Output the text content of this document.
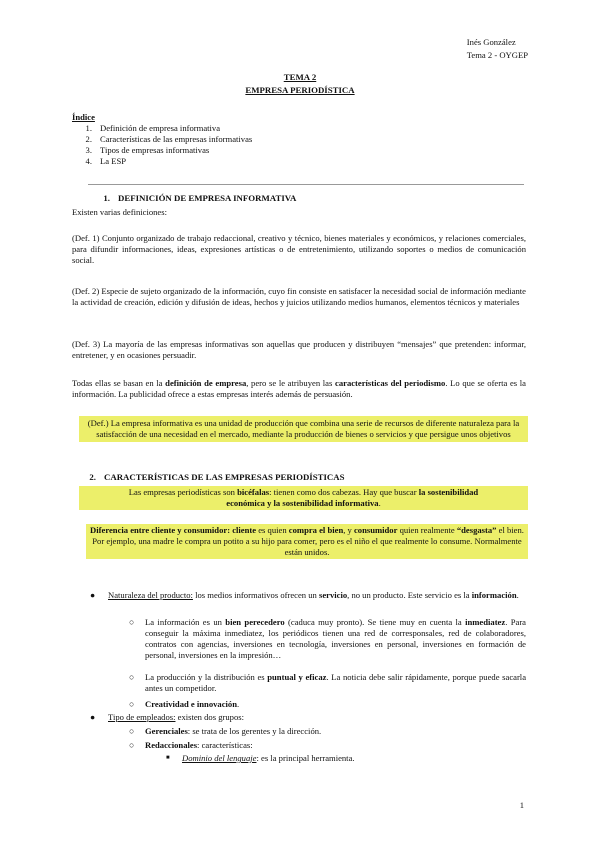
Inés González
Tema 2 - OYGEP
TEMA 2
EMPRESA PERIODÍSTICA
Índice
1. Definición de empresa informativa
2. Características de las empresas informativas
3. Tipos de empresas informativas
4. La ESP
1. DEFINICIÓN DE EMPRESA INFORMATIVA
Existen varias definiciones:
(Def. 1) Conjunto organizado de trabajo redaccional, creativo y técnico, bienes materiales y económicos, y relaciones comerciales, para difundir informaciones, ideas, expresiones artísticas o de entretenimiento, utilizando soportes o medios de comunicación social.
(Def. 2) Especie de sujeto organizado de la información, cuyo fin consiste en satisfacer la necesidad social de información mediante la actividad de creación, edición y difusión de ideas, hechos y juicios utilizando medios humanos, elementos técnicos y materiales
(Def. 3) La mayoría de las empresas informativas son aquellas que producen y distribuyen “mensajes” que pretenden: informar, entretener, y en ocasiones persuadir.
Todas ellas se basan en la definición de empresa, pero se le atribuyen las características del periodismo. Lo que se oferta es la información. La publicidad ofrece a estas empresas interés además de persuasión.
(Def.) La empresa informativa es una unidad de producción que combina una serie de recursos de diferente naturaleza para la satisfacción de una necesidad en el mercado, mediante la producción de bienes o servicios y que persigue unos objetivos
2. CARACTERÍSTICAS DE LAS EMPRESAS PERIODÍSTICAS
Las empresas periodísticas son bicéfalas: tienen como dos cabezas. Hay que buscar la sostenibilidad económica y la sostenibilidad informativa.
Diferencia entre cliente y consumidor: cliente es quien compra el bien, y consumidor quien realmente “desgasta” el bien. Por ejemplo, una madre le compra un potito a su hijo para comer, pero es el niño el que realmente lo consume. Normalmente están unidos.
●	Naturaleza del producto: los medios informativos ofrecen un servicio, no un producto. Este servicio es la información.
○	La información es un bien perecedero (caduca muy pronto). Se tiene muy en cuenta la inmediatez. Para conseguir la máxima inmediatez, los periódicos tienen una red de corresponsales, red de colaboradores, contratos con agencias, inversiones en tecnología, inversiones en personal, inversiones en formación de personal, inversiones en la impresión…
○	La producción y la distribución es puntual y eficaz. La noticia debe salir rápidamente, porque puede sacarla antes un competidor.
○	Creatividad e innovación.
●	Tipo de empleados: existen dos grupos:
○	Gerenciales: se trata de los gerentes y la dirección.
○	Redaccionales: características:
■	Dominio del lenguaje: es la principal herramienta.
1
